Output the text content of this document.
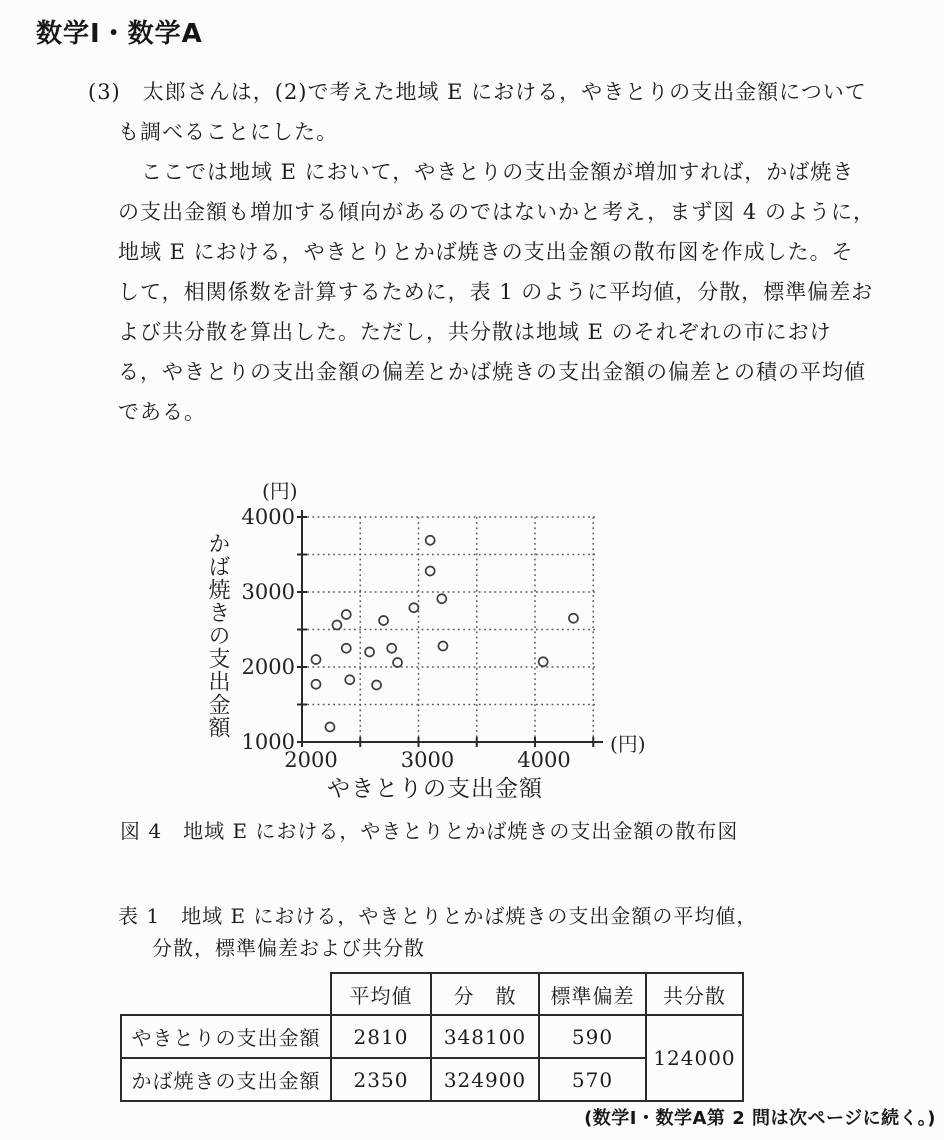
数学Ⅰ・数学A
(3)　太郎さんは，(2)で考えた地域 E における，やきとりの支出金額について
も調べることにした。
ここでは地域 E において，やきとりの支出金額が増加すれば，かば焼き
の支出金額も増加する傾向があるのではないかと考え，まず図 4 のように，
地域 E における，やきとりとかば焼きの支出金額の散布図を作成した。そ
して，相関係数を計算するために，表 1 のように平均値，分散，標準偏差お
よび共分散を算出した。ただし，共分散は地域 E のそれぞれの市におけ
る，やきとりの支出金額の偏差とかば焼きの支出金額の偏差との積の平均値
である。
(円)
かば焼きの支出金額
1000
2000
3000
4000
2000	3000	4000
(円)
やきとりの支出金額
図 4　地域 E における，やきとりとかば焼きの支出金額の散布図
表 1　地域 E における，やきとりとかば焼きの支出金額の平均値，
分散，標準偏差および共分散
	平均値	分　散	標準偏差	共分散
やきとりの支出金額	2810	348100	590	124000
かば焼きの支出金額	2350	324900	570	
(数学Ⅰ・数学A第 2 問は次ページに続く。)
